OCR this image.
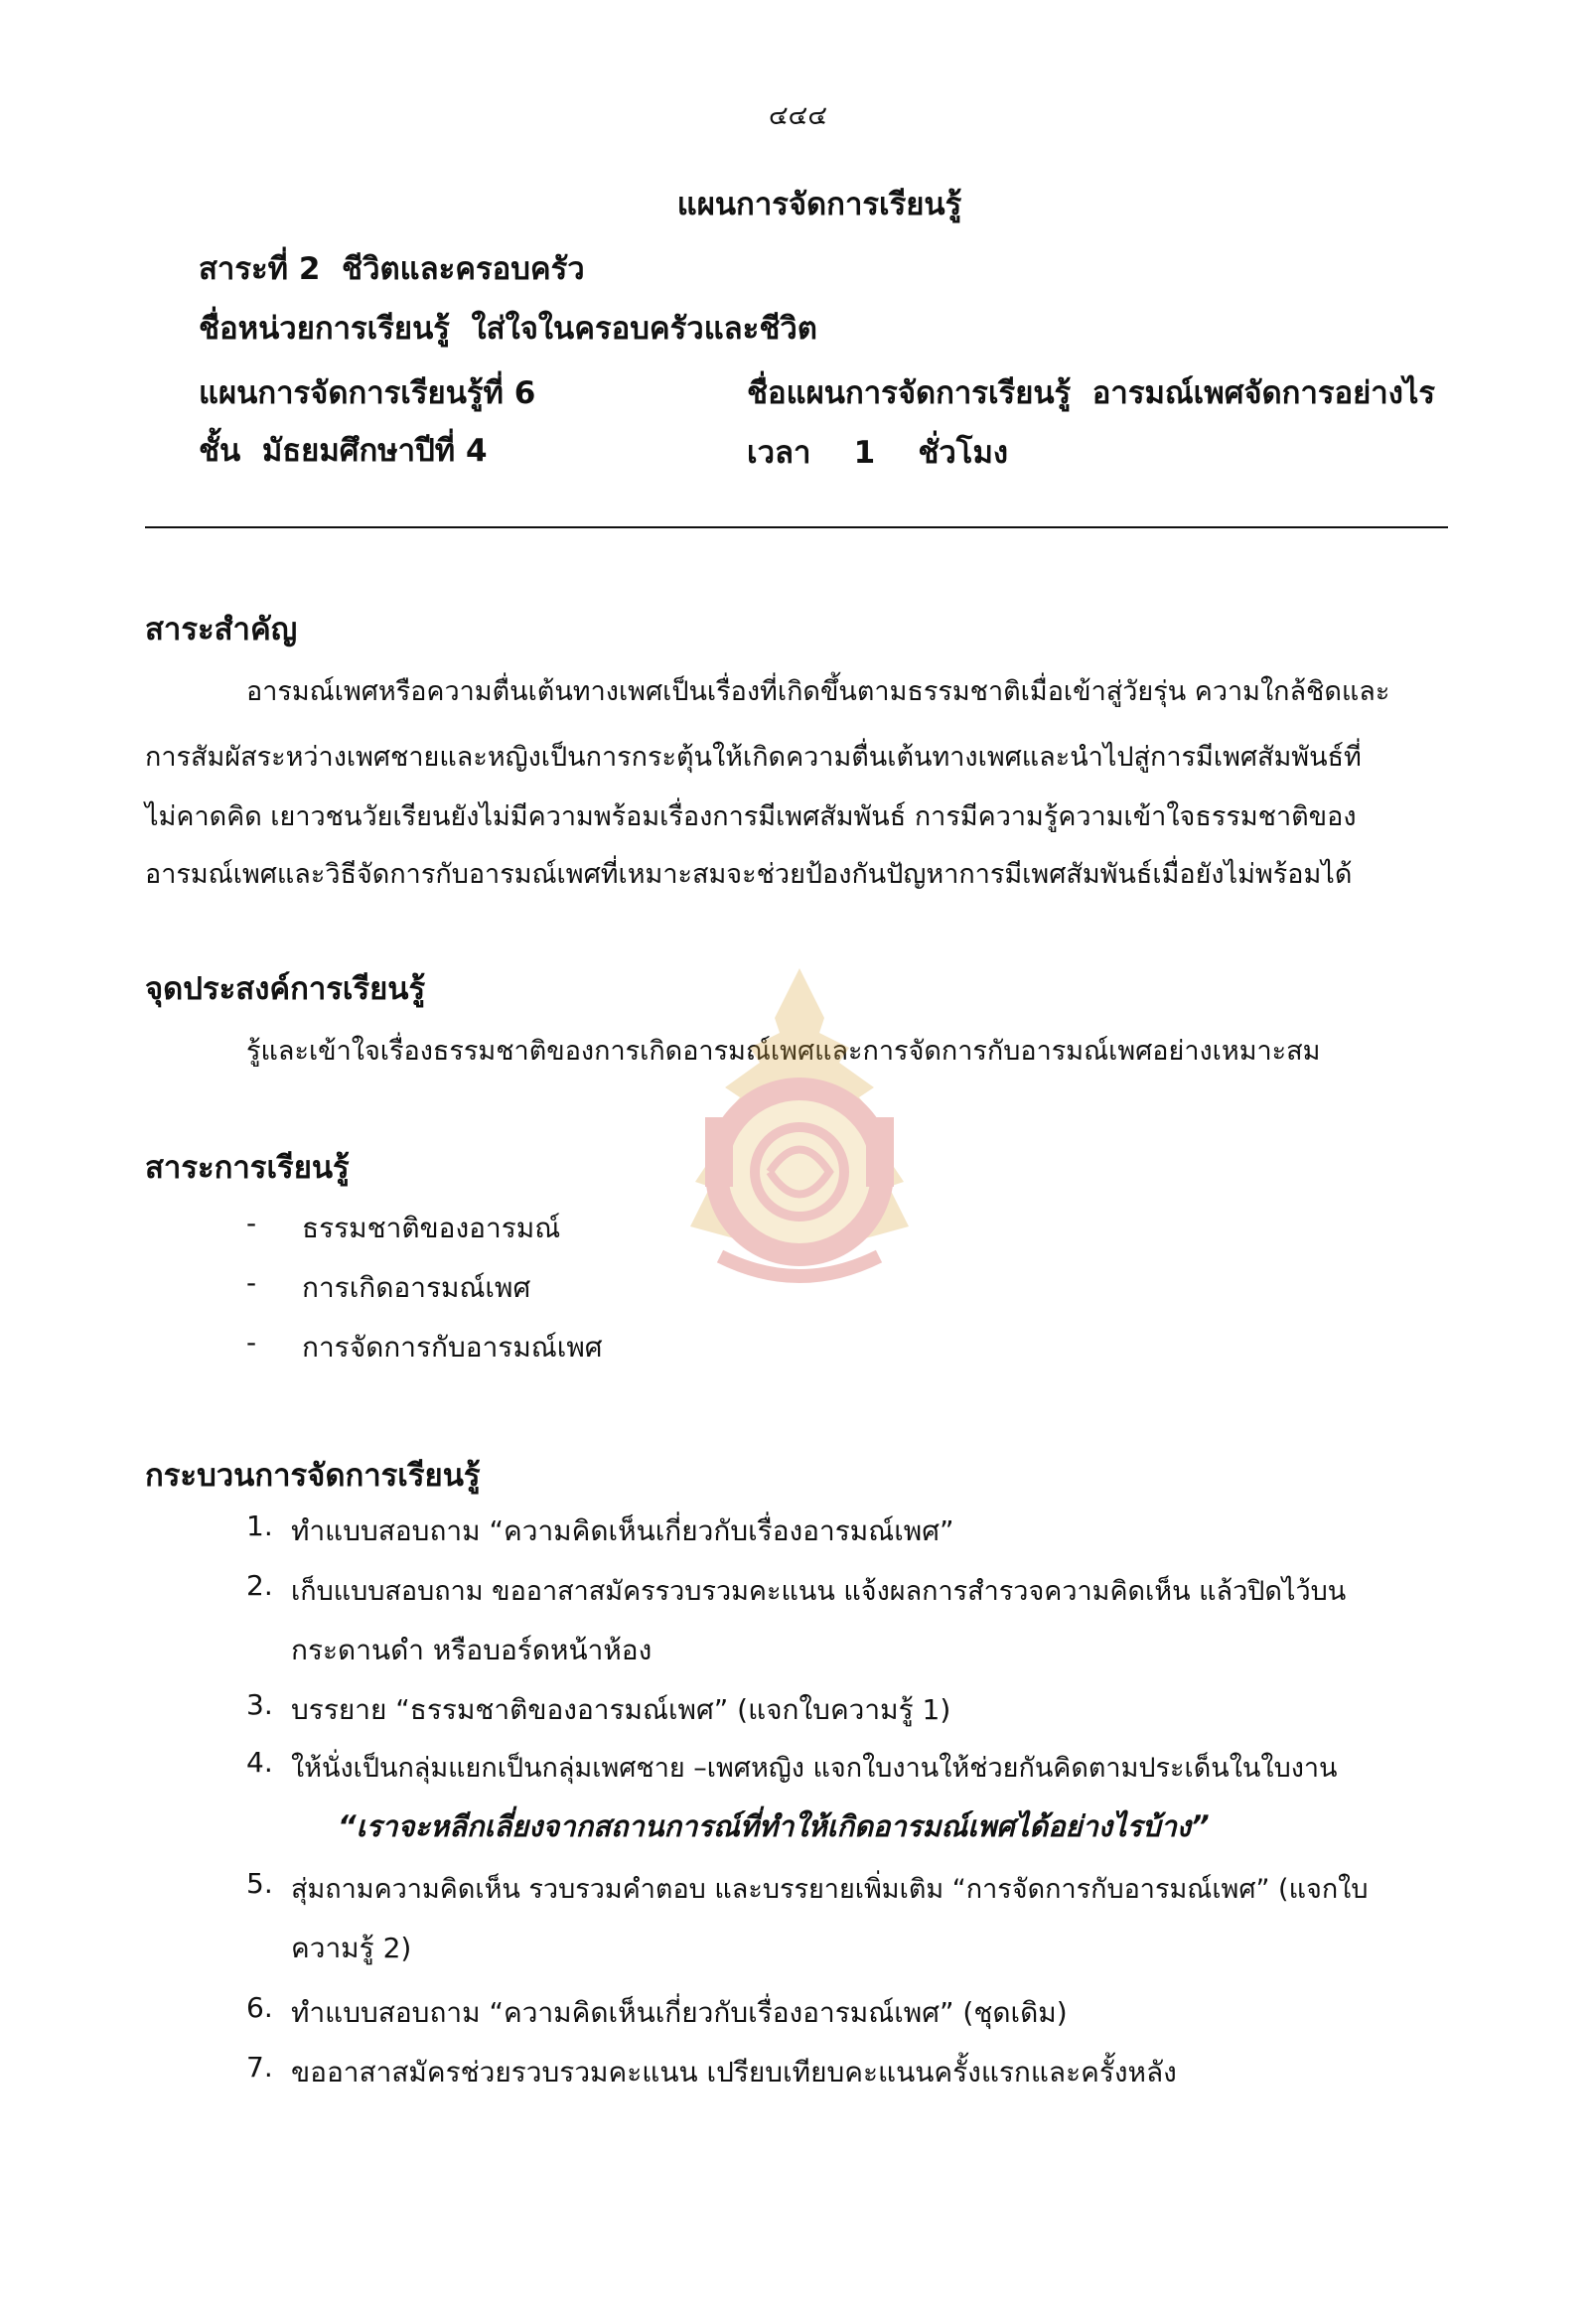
๔๔๔
แผนการจัดการเรียนรู้
สาระที่ 2 ชีวิตและครอบครัว
ชื่อหน่วยการเรียนรู้ ใส่ใจในครอบครัวและชีวิต
แผนการจัดการเรียนรู้ที่ 6	ชื่อแผนการจัดการเรียนรู้ อารมณ์เพศจัดการอย่างไร
ชั้น มัธยมศึกษาปีที่ 4	เวลา 1 ชั่วโมง
สาระสำคัญ
อารมณ์เพศหรือความตื่นเต้นทางเพศเป็นเรื่องที่เกิดขึ้นตามธรรมชาติเมื่อเข้าสู่วัยรุ่น ความใกล้ชิดและ
การสัมผัสระหว่างเพศชายและหญิงเป็นการกระตุ้นให้เกิดความตื่นเต้นทางเพศและนำไปสู่การมีเพศสัมพันธ์ที่
ไม่คาดคิด เยาวชนวัยเรียนยังไม่มีความพร้อมเรื่องการมีเพศสัมพันธ์ การมีความรู้ความเข้าใจธรรมชาติของ
อารมณ์เพศและวิธีจัดการกับอารมณ์เพศที่เหมาะสมจะช่วยป้องกันปัญหาการมีเพศสัมพันธ์เมื่อยังไม่พร้อมได้
จุดประสงค์การเรียนรู้
รู้และเข้าใจเรื่องธรรมชาติของการเกิดอารมณ์เพศและการจัดการกับอารมณ์เพศอย่างเหมาะสม
สาระการเรียนรู้
- ธรรมชาติของอารมณ์
- การเกิดอารมณ์เพศ
- การจัดการกับอารมณ์เพศ
กระบวนการจัดการเรียนรู้
1. ทำแบบสอบถาม “ความคิดเห็นเกี่ยวกับเรื่องอารมณ์เพศ”
2. เก็บแบบสอบถาม ขออาสาสมัครรวบรวมคะแนน แจ้งผลการสำรวจความคิดเห็น แล้วปิดไว้บน
กระดานดำ หรือบอร์ดหน้าห้อง
3. บรรยาย “ธรรมชาติของอารมณ์เพศ” (แจกใบความรู้ 1)
4. ให้นั่งเป็นกลุ่มแยกเป็นกลุ่มเพศชาย –เพศหญิง แจกใบงานให้ช่วยกันคิดตามประเด็นในใบงาน
“เราจะหลีกเลี่ยงจากสถานการณ์ที่ทำให้เกิดอารมณ์เพศได้อย่างไรบ้าง”
5. สุ่มถามความคิดเห็น รวบรวมคำตอบ และบรรยายเพิ่มเติม “การจัดการกับอารมณ์เพศ” (แจกใบ
ความรู้ 2)
6. ทำแบบสอบถาม “ความคิดเห็นเกี่ยวกับเรื่องอารมณ์เพศ” (ชุดเดิม)
7. ขออาสาสมัครช่วยรวบรวมคะแนน เปรียบเทียบคะแนนครั้งแรกและครั้งหลัง
